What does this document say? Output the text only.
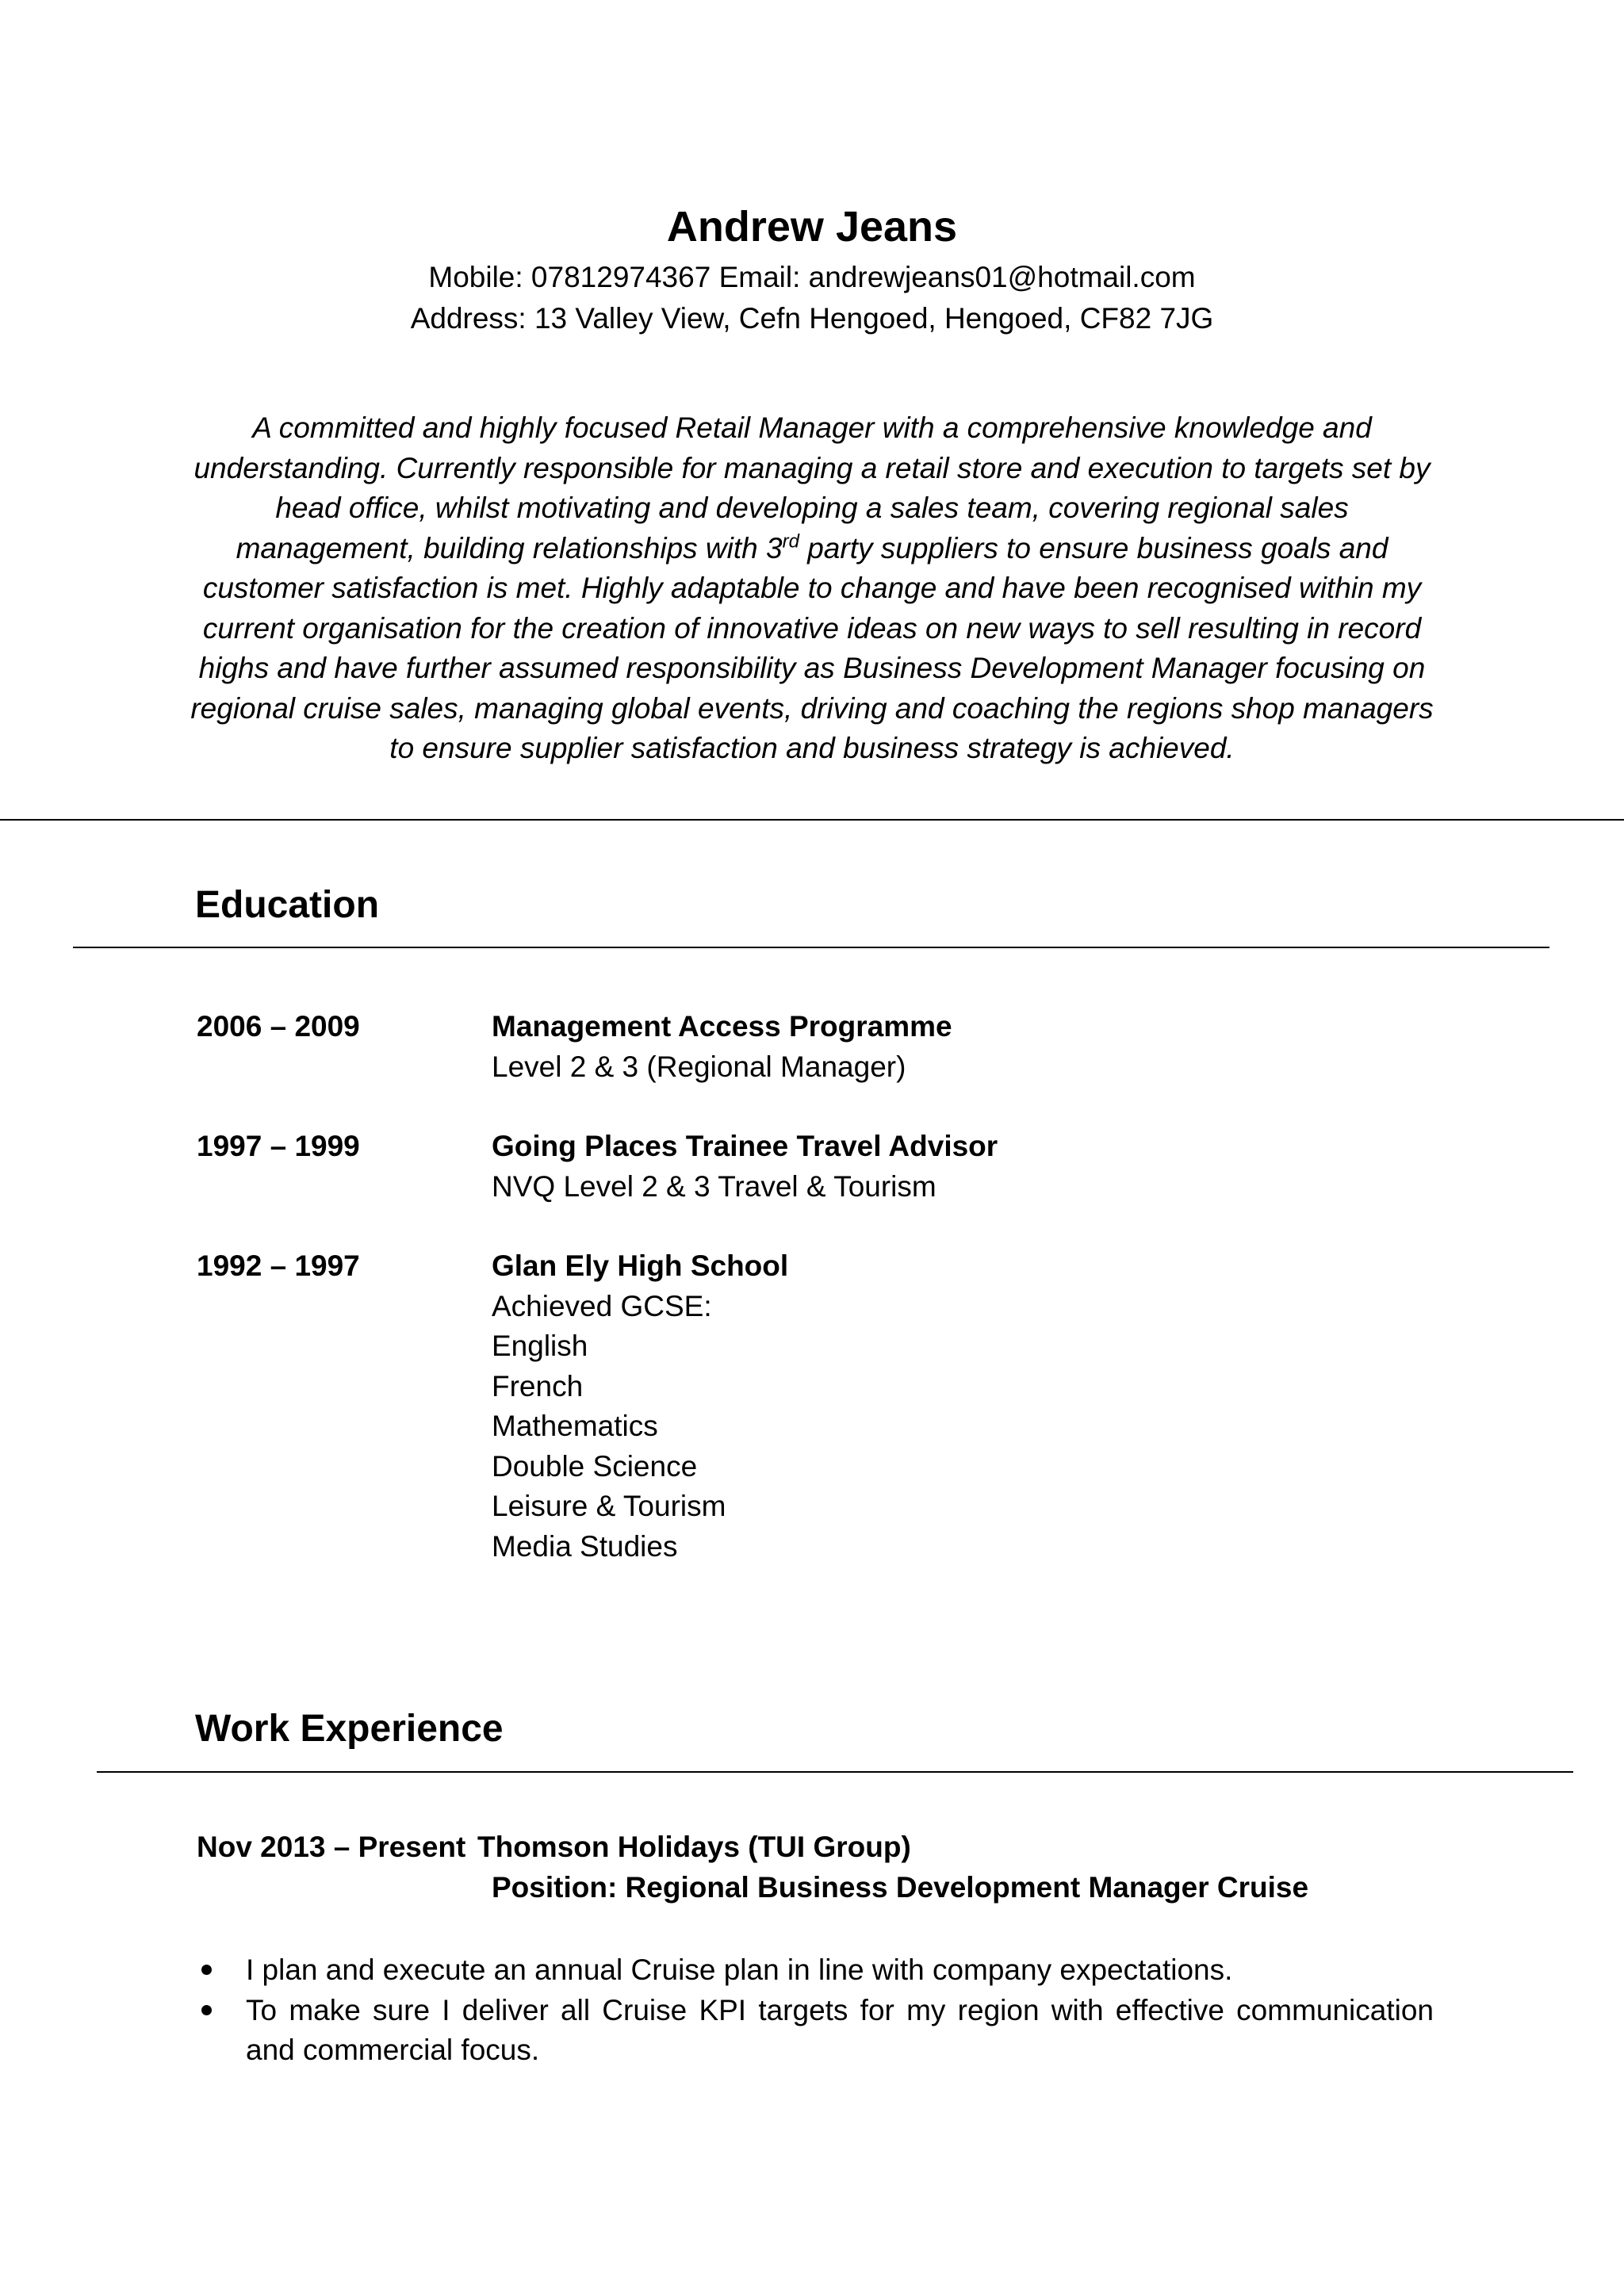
Andrew Jeans
Mobile: 07812974367 Email: andrewjeans01@hotmail.com
Address: 13 Valley View, Cefn Hengoed, Hengoed, CF82 7JG
A committed and highly focused Retail Manager with a comprehensive knowledge and understanding. Currently responsible for managing a retail store and execution to targets set by head office, whilst motivating and developing a sales team, covering regional sales management, building relationships with 3rd party suppliers to ensure business goals and customer satisfaction is met. Highly adaptable to change and have been recognised within my current organisation for the creation of innovative ideas on new ways to sell resulting in record highs and have further assumed responsibility as Business Development Manager focusing on regional cruise sales, managing global events, driving and coaching the regions shop managers to ensure supplier satisfaction and business strategy is achieved.
Education
2006 – 2009	Management Access Programme
Level 2 & 3 (Regional Manager)
1997 – 1999	Going Places Trainee Travel Advisor
NVQ Level 2 & 3 Travel & Tourism
1992 – 1997	Glan Ely High School
Achieved GCSE:
English
French
Mathematics
Double Science
Leisure & Tourism
Media Studies
Work Experience
Nov 2013 – Present Thomson Holidays (TUI Group)
Position: Regional Business Development Manager Cruise
I plan and execute an annual Cruise plan in line with company expectations.
To make sure I deliver all Cruise KPI targets for my region with effective communication and commercial focus.
